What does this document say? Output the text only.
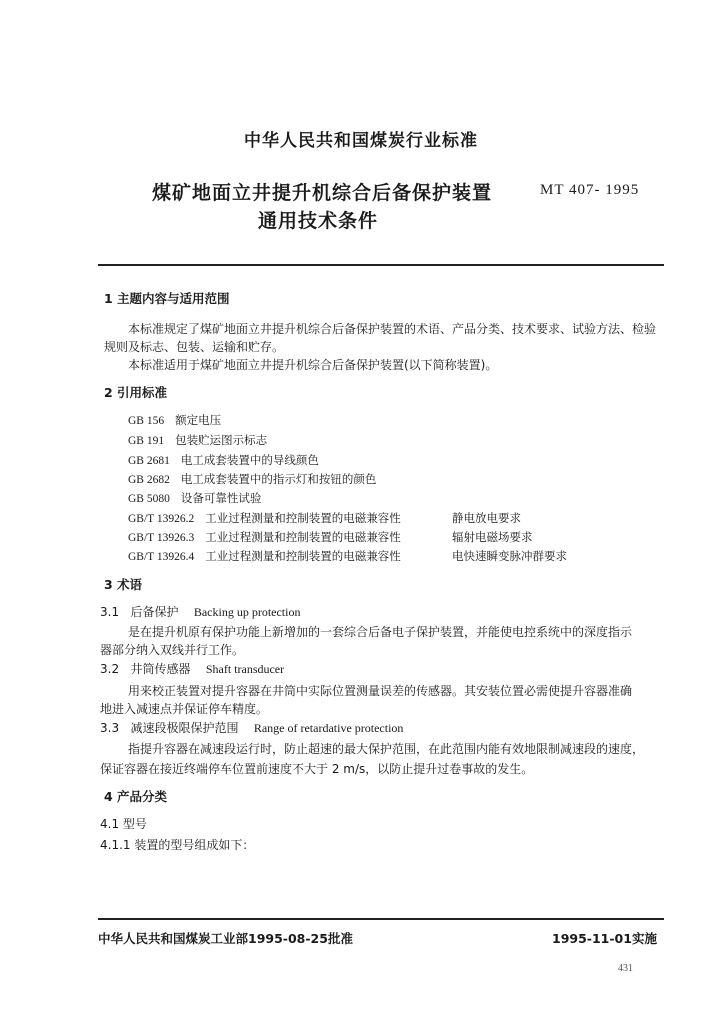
中华人民共和国煤炭行业标准
煤矿地面立井提升机综合后备保护装置
通用技术条件
MT 407- 1995
1 主题内容与适用范围
本标准规定了煤矿地面立井提升机综合后备保护装置的术语、产品分类、技术要求、试验方法、检验
规则及标志、包装、运输和贮存。
本标准适用于煤矿地面立井提升机综合后备保护装置(以下简称装置)。
2 引用标准
GB 156 额定电压
GB 191 包装贮运图示标志
GB 2681 电工成套装置中的导线颜色
GB 2682 电工成套装置中的指示灯和按钮的颜色
GB 5080 设备可靠性试验
GB/T 13926.2 工业过程测量和控制装置的电磁兼容性	静电放电要求
GB/T 13926.3 工业过程测量和控制装置的电磁兼容性	辐射电磁场要求
GB/T 13926.4 工业过程测量和控制装置的电磁兼容性	电快速瞬变脉冲群要求
3 术语
3.1 后备保护 Backing up protection
是在提升机原有保护功能上新增加的一套综合后备电子保护装置，并能使电控系统中的深度指示
器部分纳入双线并行工作。
3.2 井筒传感器 Shaft transducer
用来校正装置对提升容器在井筒中实际位置测量误差的传感器。其安装位置必需使提升容器准确
地进入减速点并保证停车精度。
3.3 减速段极限保护范围 Range of retardative protection
指提升容器在减速段运行时，防止超速的最大保护范围，在此范围内能有效地限制减速段的速度，
保证容器在接近终端停车位置前速度不大于 2 m/s，以防止提升过卷事故的发生。
4 产品分类
4.1 型号
4.1.1 装置的型号组成如下：
中华人民共和国煤炭工业部1995-08-25批准	1995-11-01实施
431
